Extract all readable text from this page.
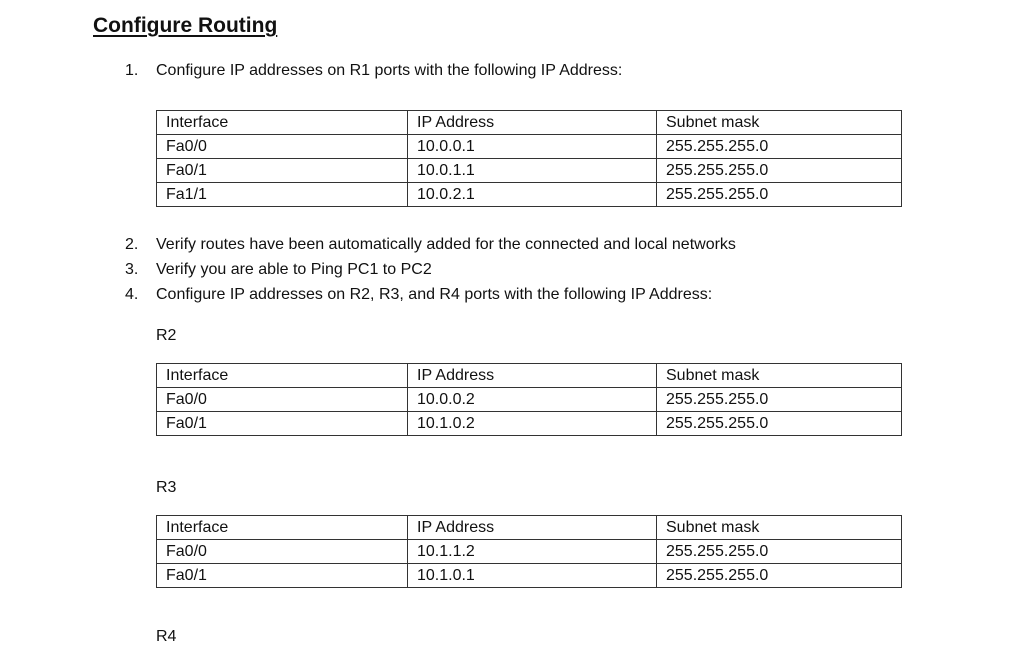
Configure Routing
1. Configure IP addresses on R1 ports with the following IP Address:
Interface	IP Address	Subnet mask
Fa0/0	10.0.0.1	255.255.255.0
Fa0/1	10.0.1.1	255.255.255.0
Fa1/1	10.0.2.1	255.255.255.0
2. Verify routes have been automatically added for the connected and local networks
3. Verify you are able to Ping PC1 to PC2
4. Configure IP addresses on R2, R3, and R4 ports with the following IP Address:
R2
Interface	IP Address	Subnet mask
Fa0/0	10.0.0.2	255.255.255.0
Fa0/1	10.1.0.2	255.255.255.0
R3
Interface	IP Address	Subnet mask
Fa0/0	10.1.1.2	255.255.255.0
Fa0/1	10.1.0.1	255.255.255.0
R4
